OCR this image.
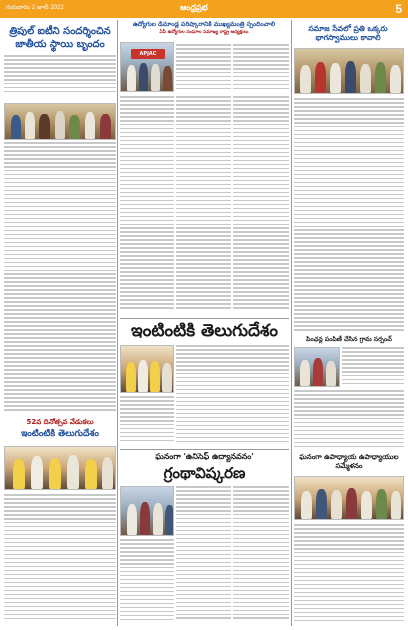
గురువారం 2 జూన్ 2022	ఆంధ్రప్రభ	5
త్రిపుల్ ఐటీని సందర్శించిన జాతీయ స్థాయి బృందం
52వ దినోత్సవ వేడుకలు
ఇంటింటికి తెలుగుదేశం
ఉద్యోగుల డిమాండ్ల పరిష్కారానికి ముఖ్యమంత్రి స్పందించాలి
ఏపీ ఉద్యోగుల సంఘాల సమాఖ్య రాష్ట్ర అధ్యక్షులు
APJAC
ఇంటింటికి తెలుగుదేశం
ఘనంగా 'ఉనిసెఫ్ ఉద్యానవనం'
గ్రంథావిష్కరణ
సమాజ సేవలో ప్రతి ఒక్కరు భాగస్వాములు కావాలి
పింఛన్ల పంపిణీ చేసిన గ్రామ సర్పంచ్
ఘనంగా ఉపాధ్యాయ ఉపాధ్యాయుల సమ్మేళనం
